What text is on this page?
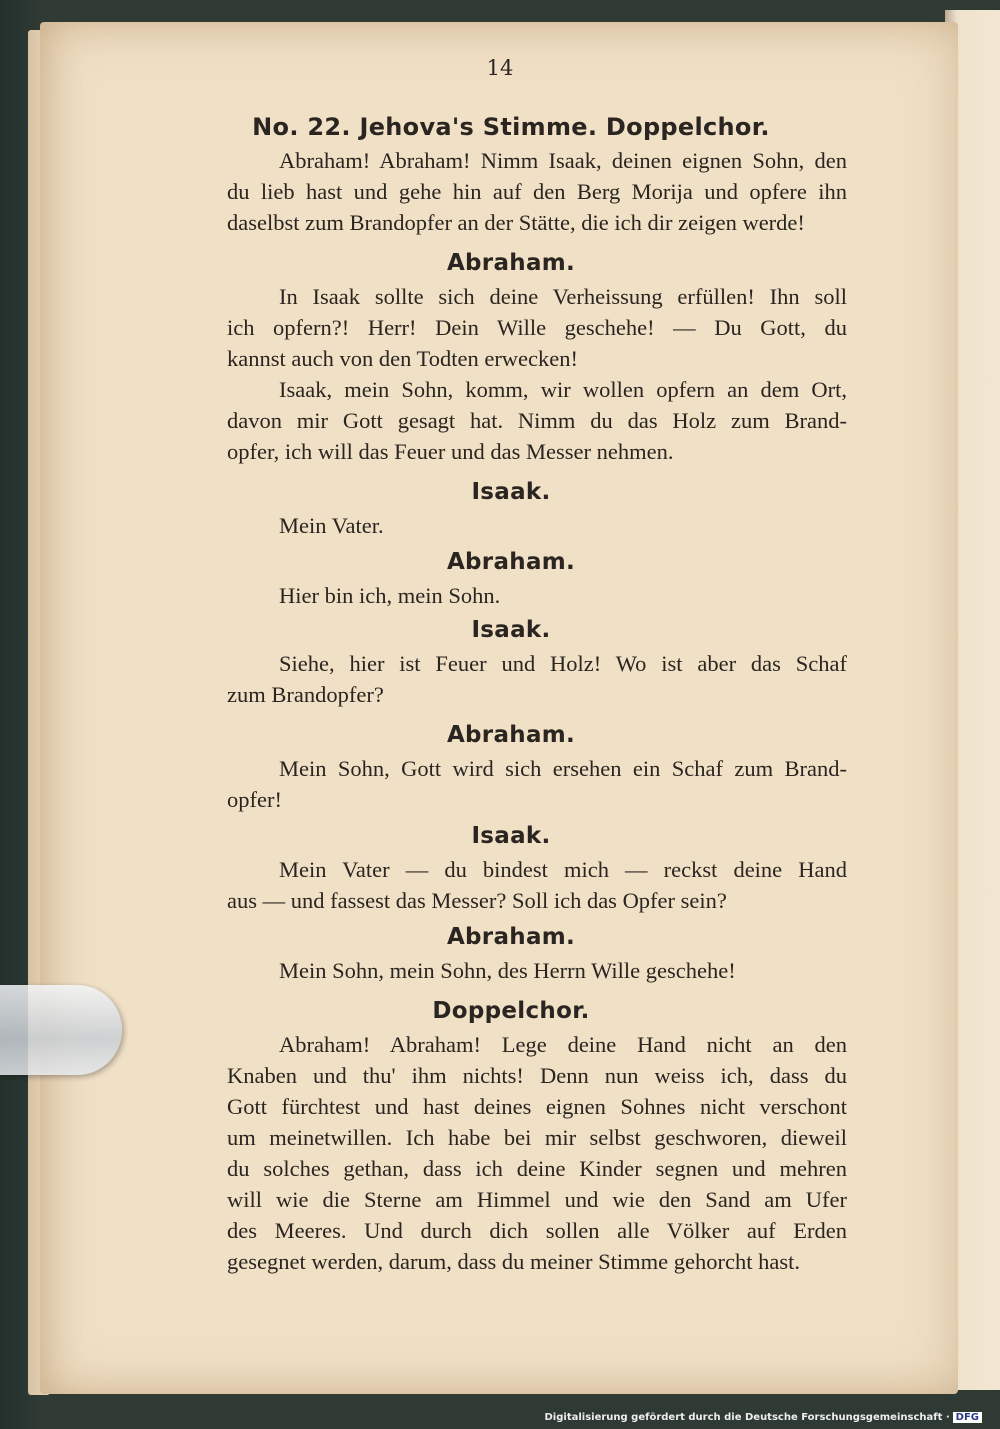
14
No. 22. Jehova's Stimme. Doppelchor.
Abraham! Abraham! Nimm Isaak, deinen eignen Sohn, den
du lieb hast und gehe hin auf den Berg Morija und opfere ihn
daselbst zum Brandopfer an der Stätte, die ich dir zeigen werde!
Abraham.
In Isaak sollte sich deine Verheissung erfüllen! Ihn soll
ich opfern?! Herr! Dein Wille geschehe! — Du Gott, du
kannst auch von den Todten erwecken!
Isaak, mein Sohn, komm, wir wollen opfern an dem Ort,
davon mir Gott gesagt hat. Nimm du das Holz zum Brand-
opfer, ich will das Feuer und das Messer nehmen.
Isaak.
Mein Vater.
Abraham.
Hier bin ich, mein Sohn.
Isaak.
Siehe, hier ist Feuer und Holz! Wo ist aber das Schaf
zum Brandopfer?
Abraham.
Mein Sohn, Gott wird sich ersehen ein Schaf zum Brand-
opfer!
Isaak.
Mein Vater — du bindest mich — reckst deine Hand
aus — und fassest das Messer? Soll ich das Opfer sein?
Abraham.
Mein Sohn, mein Sohn, des Herrn Wille geschehe!
Doppelchor.
Abraham! Abraham! Lege deine Hand nicht an den
Knaben und thu' ihm nichts! Denn nun weiss ich, dass du
Gott fürchtest und hast deines eignen Sohnes nicht verschont
um meinetwillen. Ich habe bei mir selbst geschworen, dieweil
du solches gethan, dass ich deine Kinder segnen und mehren
will wie die Sterne am Himmel und wie den Sand am Ufer
des Meeres. Und durch dich sollen alle Völker auf Erden
gesegnet werden, darum, dass du meiner Stimme gehorcht hast.
Digitalisierung gefördert durch die Deutsche Forschungsgemeinschaft · DFG
